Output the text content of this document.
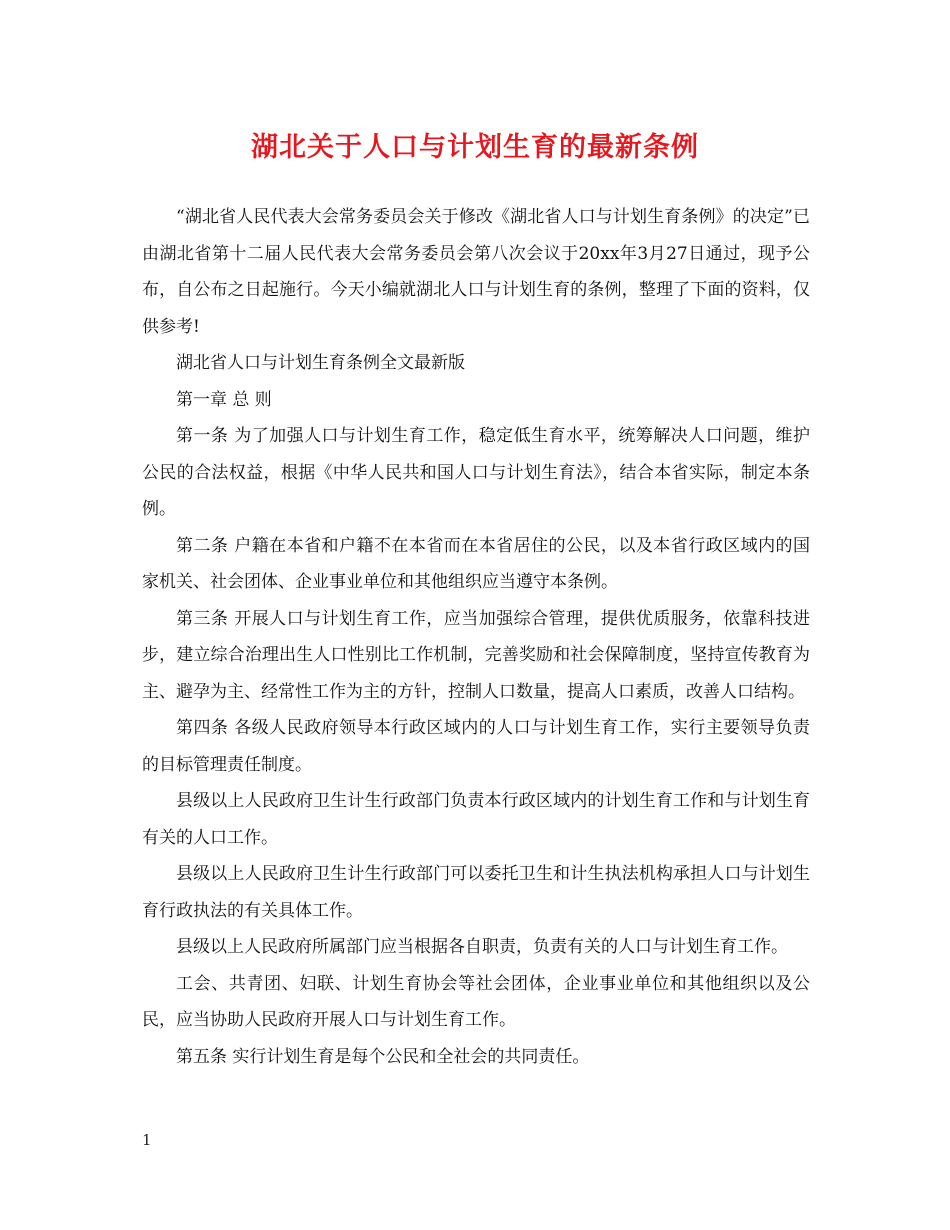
湖北关于人口与计划生育的最新条例

“湖北省人民代表大会常务委员会关于修改《湖北省人口与计划生育条例》的决定”已由湖北省第十二届人民代表大会常务委员会第八次会议于20xx年3月27日通过，现予公布，自公布之日起施行。今天小编就湖北人口与计划生育的条例，整理了下面的资料，仅供参考!

湖北省人口与计划生育条例全文最新版

第一章 总 则

第一条 为了加强人口与计划生育工作，稳定低生育水平，统筹解决人口问题，维护公民的合法权益，根据《中华人民共和国人口与计划生育法》，结合本省实际，制定本条例。

第二条 户籍在本省和户籍不在本省而在本省居住的公民，以及本省行政区域内的国家机关、社会团体、企业事业单位和其他组织应当遵守本条例。

第三条 开展人口与计划生育工作，应当加强综合管理，提供优质服务，依靠科技进步，建立综合治理出生人口性别比工作机制，完善奖励和社会保障制度，坚持宣传教育为主、避孕为主、经常性工作为主的方针，控制人口数量，提高人口素质，改善人口结构。

第四条 各级人民政府领导本行政区域内的人口与计划生育工作，实行主要领导负责的目标管理责任制度。

县级以上人民政府卫生计生行政部门负责本行政区域内的计划生育工作和与计划生育有关的人口工作。

县级以上人民政府卫生计生行政部门可以委托卫生和计生执法机构承担人口与计划生育行政执法的有关具体工作。

县级以上人民政府所属部门应当根据各自职责，负责有关的人口与计划生育工作。

工会、共青团、妇联、计划生育协会等社会团体，企业事业单位和其他组织以及公民，应当协助人民政府开展人口与计划生育工作。

第五条 实行计划生育是每个公民和全社会的共同责任。

1
